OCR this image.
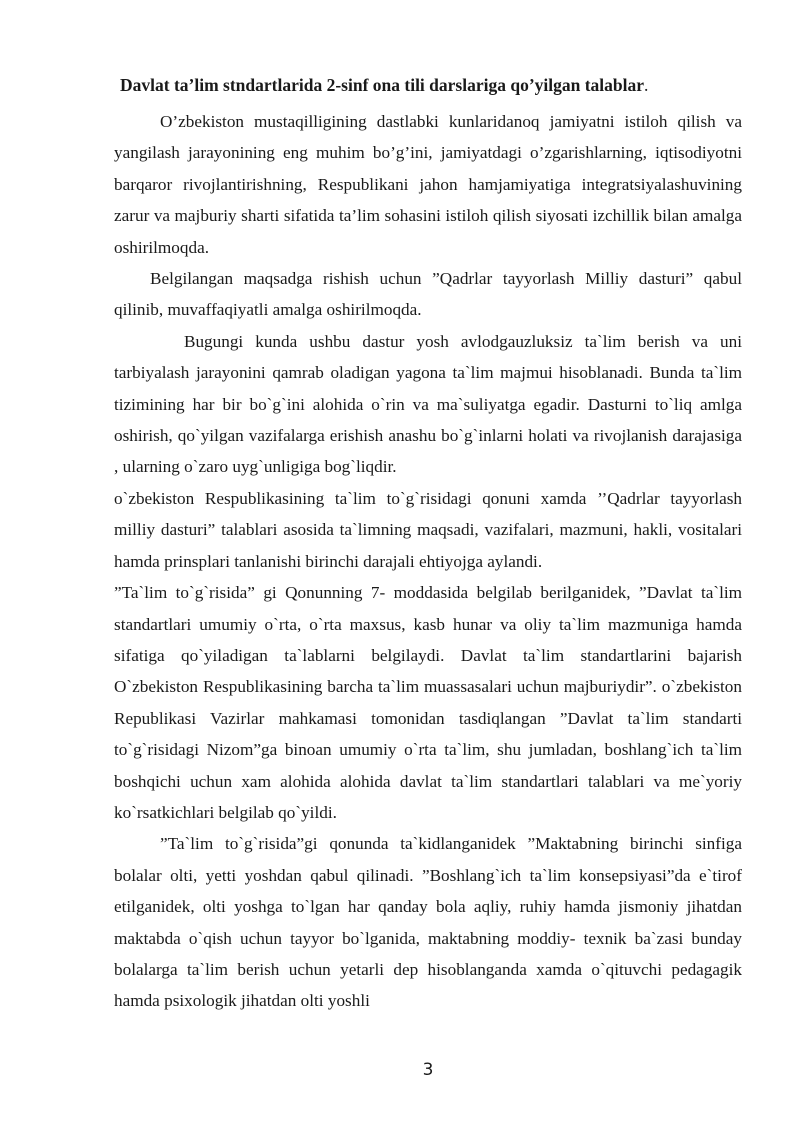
Davlat ta’lim stndartlarida 2-sinf ona tili darslariga qo’yilgan talablar.

O’zbekiston mustaqilligining dastlabki kunlaridanoq jamiyatni istiloh qilish va yangilash jarayonining eng muhim bo’g’ini, jamiyatdagi o’zgarishlarning, iqtisodiyotni barqaror rivojlantirishning, Respublikani jahon hamjamiyatiga integratsiyalashuvining zarur va majburiy sharti sifatida ta’lim sohasini istiloh qilish siyosati izchillik bilan amalga oshirilmoqda.

Belgilangan maqsadga rishish uchun ”Qadrlar tayyorlash Milliy dasturi” qabul qilinib, muvaffaqiyatli amalga oshirilmoqda.

Bugungi kunda ushbu dastur yosh avlodgauzluksiz ta`lim berish va uni tarbiyalash jarayonini qamrab oladigan yagona ta`lim majmui hisoblanadi. Bunda ta`lim tizimining har bir bo`g`ini alohida o`rin va ma`suliyatga egadir. Dasturni to`liq amlga oshirish, qo`yilgan vazifalarga erishish anashu bo`g`inlarni holati va rivojlanish darajasiga , ularning o`zaro uyg`unligiga bog`liqdir.

o`zbekiston Respublikasining ta`lim to`g`risidagi qonuni xamda ’’Qadrlar tayyorlash milliy dasturi” talablari asosida ta`limning maqsadi, vazifalari, mazmuni, hakli, vositalari hamda prinsplari tanlanishi birinchi darajali ehtiyojga aylandi.

”Ta`lim to`g`risida” gi Qonunning 7- moddasida belgilab berilganidek, ”Davlat ta`lim standartlari umumiy o`rta, o`rta maxsus, kasb hunar va oliy ta`lim mazmuniga hamda sifatiga qo`yiladigan ta`lablarni belgilaydi. Davlat ta`lim standartlarini bajarish O`zbekiston Respublikasining barcha ta`lim muassasalari uchun majburiydir”. o`zbekiston Republikasi Vazirlar mahkamasi tomonidan tasdiqlangan ”Davlat ta`lim standarti to`g`risidagi Nizom”ga binoan umumiy o`rta ta`lim, shu jumladan, boshlang`ich ta`lim boshqichi uchun xam alohida alohida davlat ta`lim standartlari talablari va me`yoriy ko`rsatkichlari belgilab qo`yildi.

”Ta`lim to`g`risida”gi qonunda ta`kidlanganidek ”Maktabning birinchi sinfiga bolalar olti, yetti yoshdan qabul qilinadi. ”Boshlang`ich ta`lim konsepsiyasi”da e`tirof etilganidek, olti yoshga to`lgan har qanday bola aqliy, ruhiy hamda jismoniy jihatdan maktabda o`qish uchun tayyor bo`lganida, maktabning moddiy- texnik ba`zasi bunday bolalarga ta`lim berish uchun yetarli dep hisoblanganda xamda o`qituvchi pedagagik hamda psixologik jihatdan olti yoshli

3
